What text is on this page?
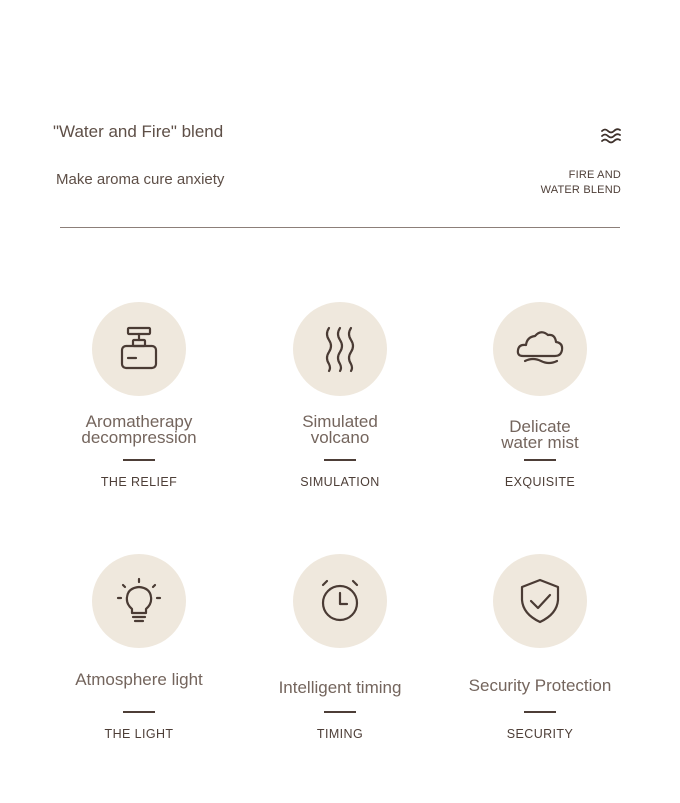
"Water and Fire" blend
Make aroma cure anxiety	FIRE AND
WATER BLEND
Aromatherapy
decompression
THE RELIEF
Simulated
volcano
SIMULATION
Delicate
water mist
EXQUISITE
Atmosphere light
THE LIGHT
Intelligent timing
TIMING
Security Protection
SECURITY
